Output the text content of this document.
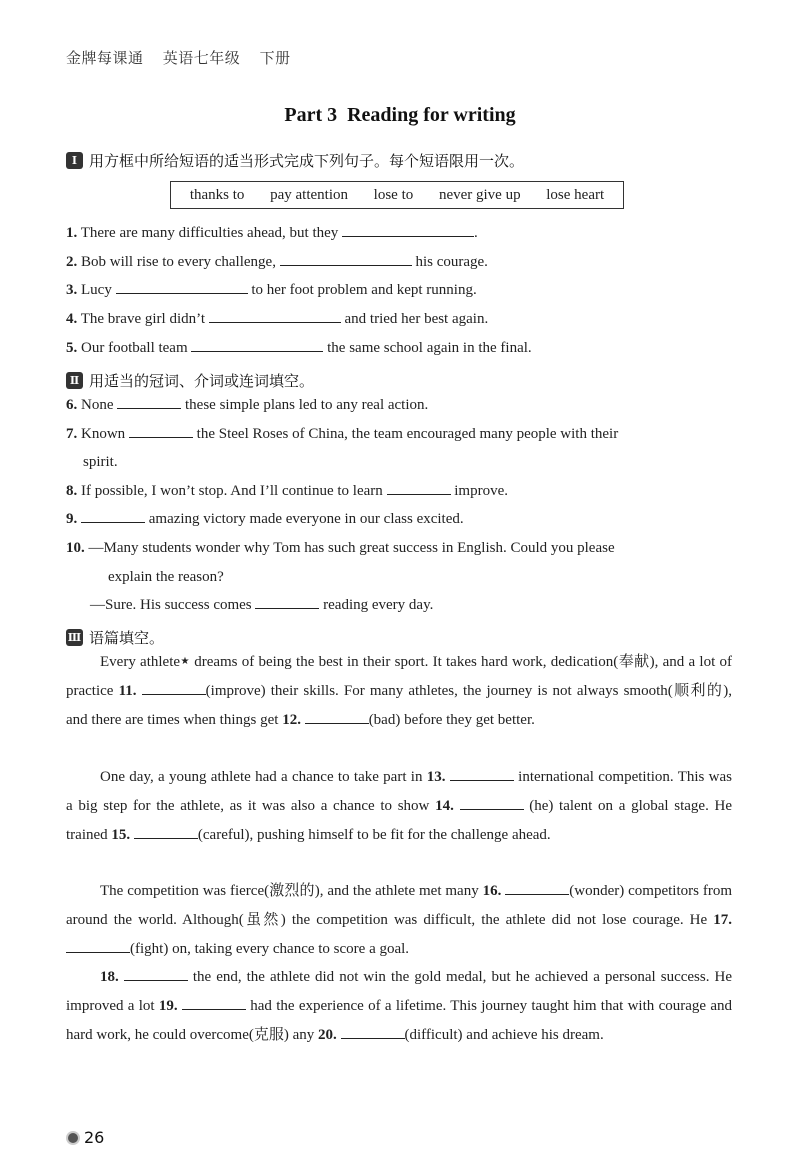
金牌每课通 英语七年级 下册
Part 3  Reading for writing
Ⅰ 用方框中所给短语的适当形式完成下列句子。每个短语限用一次。
thanks to pay attention lose to never give up lose heart
1. There are many difficulties ahead, but they	.
2. Bob will rise to every challenge,	his courage.
3. Lucy	to her foot problem and kept running.
4. The brave girl didn’t	and tried her best again.
5. Our football team	the same school again in the final.
Ⅱ 用适当的冠词、介词或连词填空。
6. None	these simple plans led to any real action.
7. Known	the Steel Roses of China, the team encouraged many people with their
spirit.
8. If possible, I won’t stop. And I’ll continue to learn	improve.
9.	amazing victory made everyone in our class excited.
10. —Many students wonder why Tom has such great success in English. Could you please
explain the reason?
—Sure. His success comes	reading every day.
Ⅲ 语篇填空。
Every athlete★ dreams of being the best in their sport. It takes hard work, dedication(奉献), and a lot of practice 11.	(improve) their skills. For many athletes, the journey is not always smooth(顺利的), and there are times when things get 12.	(bad) before they get better.
One day, a young athlete had a chance to take part in 13.	international competition. This was a big step for the athlete, as it was also a chance to show 14.	(he) talent on a global stage. He trained 15.	(careful), pushing himself to be fit for the challenge ahead.
The competition was fierce(激烈的), and the athlete met many 16.	(wonder) competitors from around the world. Although(虽然) the competition was difficult, the athlete did not lose courage. He 17. (fight) on, taking every chance to score a goal.
18.	the end, the athlete did not win the gold medal, but he achieved a personal success. He improved a lot 19.	had the experience of a lifetime. This journey taught him that with courage and hard work, he could overcome(克服) any 20.	(difficult) and achieve his dream.
26
